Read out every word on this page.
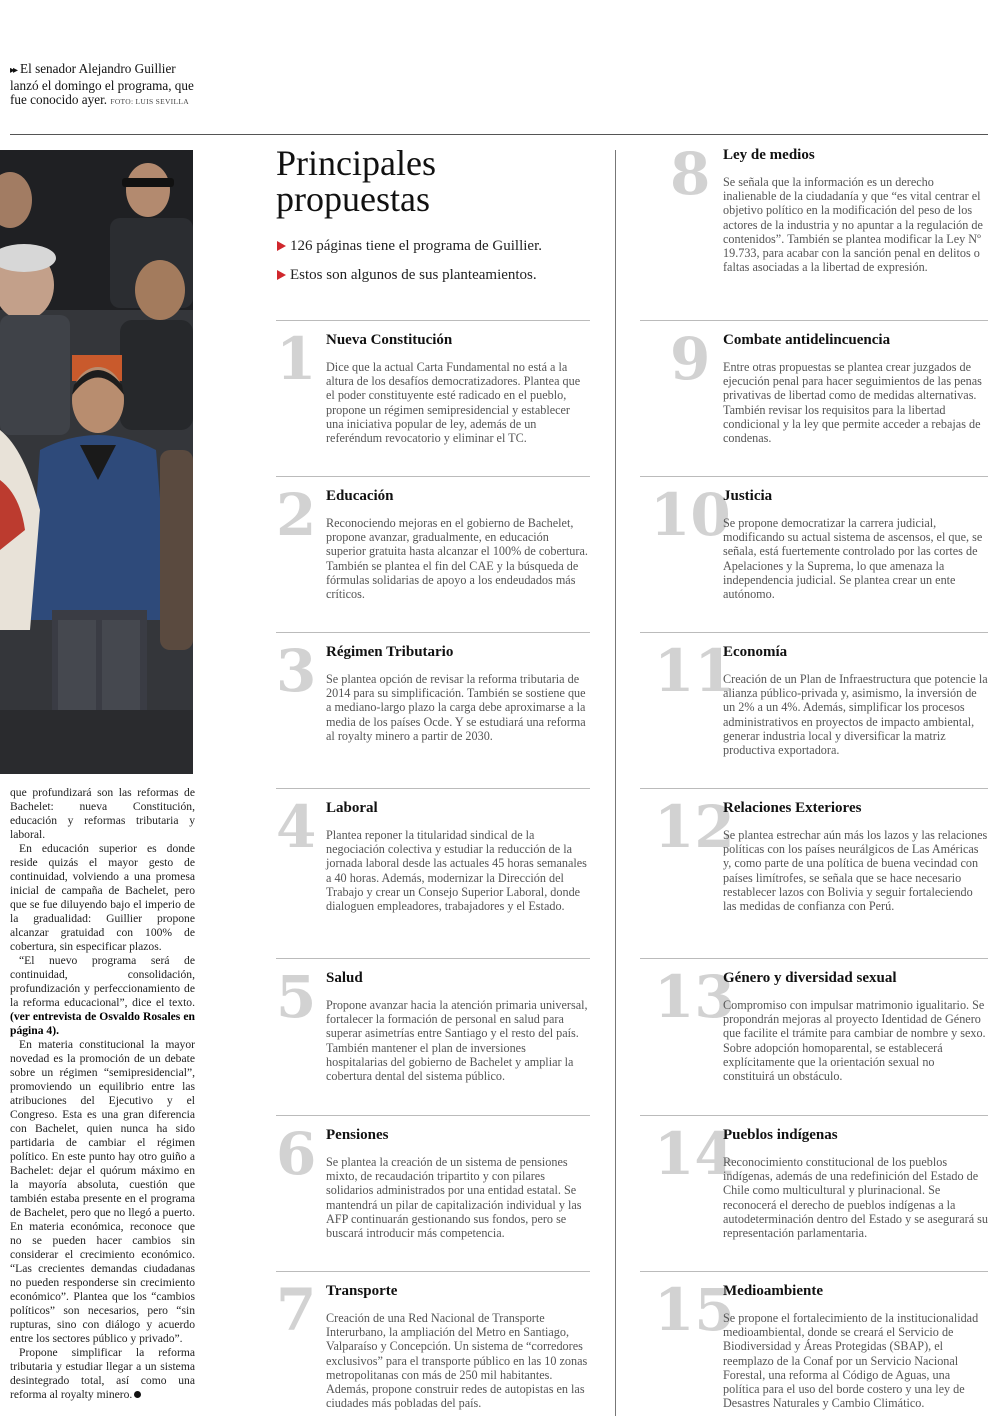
▸▸ El senador Alejandro Guillier lanzó el domingo el programa, que fue conocido ayer. FOTO: LUIS SEVILLA

que profundizará son las reformas de Bachelet: nueva Constitución, educación y reformas tributaria y laboral.

En educación superior es donde reside quizás el mayor gesto de continuidad, volviendo a una promesa inicial de campaña de Bachelet, pero que se fue diluyendo bajo el imperio de la gradualidad: Guillier propone alcanzar gratuidad con 100% de cobertura, sin especificar plazos.

“El nuevo programa será de continuidad, consolidación, profundización y perfeccionamiento de la reforma educacional”, dice el texto. (ver entrevista de Osvaldo Rosales en página 4).

En materia constitucional la mayor novedad es la promoción de un debate sobre un régimen “semipresidencial”, promoviendo un equilibrio entre las atribuciones del Ejecutivo y el Congreso. Esta es una gran diferencia con Bachelet, quien nunca ha sido partidaria de cambiar el régimen político. En este punto hay otro guiño a Bachelet: dejar el quórum máximo en la mayoría absoluta, cuestión que también estaba presente en el programa de Bachelet, pero que no llegó a puerto. En materia económica, reconoce que no se pueden hacer cambios sin considerar el crecimiento económico. “Las crecientes demandas ciudadanas no pueden responderse sin crecimiento económico”. Plantea que los “cambios políticos” son necesarios, pero “sin rupturas, sino con diálogo y acuerdo entre los sectores público y privado”.

Propone simplificar la reforma tributaria y estudiar llegar a un sistema desintegrado total, así como una reforma al royalty minero.

Principales propuestas
126 páginas tiene el programa de Guillier.
Estos son algunos de sus planteamientos.
1 Nueva Constitución
Dice que la actual Carta Fundamental no está a la altura de los desafíos democratizadores. Plantea que el poder constituyente esté radicado en el pueblo, propone un régimen semipresidencial y establecer una iniciativa popular de ley, además de un referéndum revocatorio y eliminar el TC.
2 Educación
Reconociendo mejoras en el gobierno de Bachelet, propone avanzar, gradualmente, en educación superior gratuita hasta alcanzar el 100% de cobertura. También se plantea el fin del CAE y la búsqueda de fórmulas solidarias de apoyo a los endeudados más críticos.
3 Régimen Tributario
Se plantea opción de revisar la reforma tributaria de 2014 para su simplificación. También se sostiene que a mediano-largo plazo la carga debe aproximarse a la media de los países Ocde. Y se estudiará una reforma al royalty minero a partir de 2030.
4 Laboral
Plantea reponer la titularidad sindical de la negociación colectiva y estudiar la reducción de la jornada laboral desde las actuales 45 horas semanales a 40 horas. Además, modernizar la Dirección del Trabajo y crear un Consejo Superior Laboral, donde dialoguen empleadores, trabajadores y el Estado.
5 Salud
Propone avanzar hacia la atención primaria universal, fortalecer la formación de personal en salud para superar asimetrías entre Santiago y el resto del país. También mantener el plan de inversiones hospitalarias del gobierno de Bachelet y ampliar la cobertura dental del sistema público.
6 Pensiones
Se plantea la creación de un sistema de pensiones mixto, de recaudación tripartito y con pilares solidarios administrados por una entidad estatal. Se mantendrá un pilar de capitalización individual y las AFP continuarán gestionando sus fondos, pero se buscará introducir más competencia.
7 Transporte
Creación de una Red Nacional de Transporte Interurbano, la ampliación del Metro en Santiago, Valparaíso y Concepción. Un sistema de “corredores exclusivos” para el transporte público en las 10 zonas metropolitanas con más de 250 mil habitantes. Además, propone construir redes de autopistas en las ciudades más pobladas del país.
8 Ley de medios
Se señala que la información es un derecho inalienable de la ciudadanía y que “es vital centrar el objetivo político en la modificación del peso de los actores de la industria y no apuntar a la regulación de contenidos”. También se plantea modificar la Ley Nº 19.733, para acabar con la sanción penal en delitos o faltas asociadas a la libertad de expresión.
9 Combate antidelincuencia
Entre otras propuestas se plantea crear juzgados de ejecución penal para hacer seguimientos de las penas privativas de libertad como de medidas alternativas. También revisar los requisitos para la libertad condicional y la ley que permite acceder a rebajas de condenas.
10
Justicia
Se propone democratizar la carrera judicial, modificando su actual sistema de ascensos, el que, se señala, está fuertemente controlado por las cortes de Apelaciones y la Suprema, lo que amenaza la independencia judicial. Se plantea crear un ente autónomo.
11
Economía
Creación de un Plan de Infraestructura que potencie la alianza público-privada y, asimismo, la inversión de un 2% a un 4%. Además, simplificar los procesos administrativos en proyectos de impacto ambiental, generar industria local y diversificar la matriz productiva exportadora.
12
Relaciones Exteriores
Se plantea estrechar aún más los lazos y las relaciones políticas con los países neurálgicos de Las Américas y, como parte de una política de buena vecindad con países limítrofes, se señala que se hace necesario restablecer lazos con Bolivia y seguir fortaleciendo las medidas de confianza con Perú.
13
Género y diversidad sexual
Compromiso con impulsar matrimonio igualitario. Se propondrán mejoras al proyecto Identidad de Género que facilite el trámite para cambiar de nombre y sexo. Sobre adopción homoparental, se establecerá explícitamente que la orientación sexual no constituirá un obstáculo.
14
Pueblos indígenas
Reconocimiento constitucional de los pueblos indígenas, además de una redefinición del Estado de Chile como multicultural y plurinacional. Se reconocerá el derecho de pueblos indígenas a la autodeterminación dentro del Estado y se asegurará su representación parlamentaria.
15
Medioambiente
Se propone el fortalecimiento de la institucionalidad medioambiental, donde se creará el Servicio de Biodiversidad y Áreas Protegidas (SBAP), el reemplazo de la Conaf por un Servicio Nacional Forestal, una reforma al Código de Aguas, una política para el uso del borde costero y una ley de Desastres Naturales y Cambio Climático.
